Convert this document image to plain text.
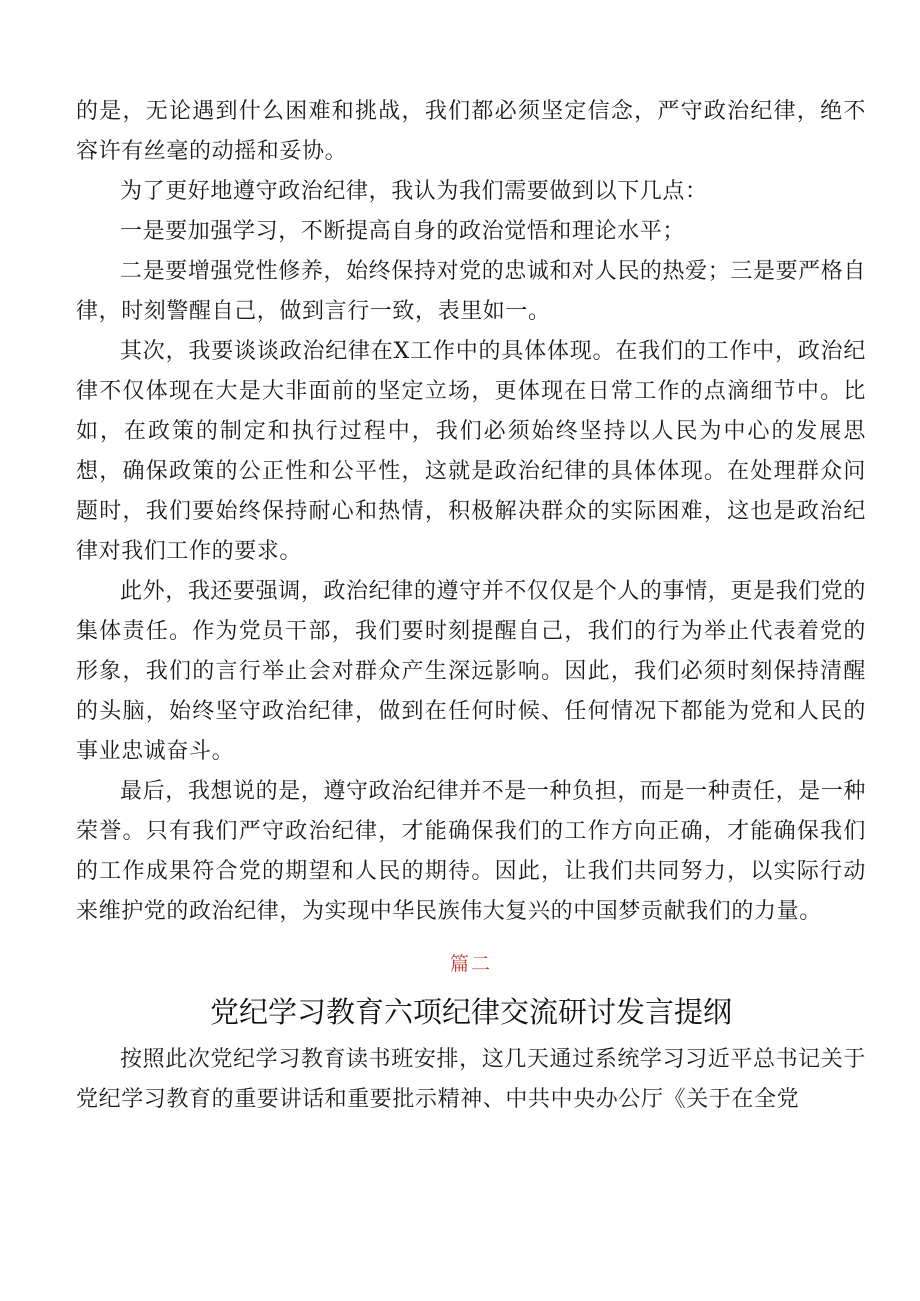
的是，无论遇到什么困难和挑战，我们都必须坚定信念，严守政治纪律，绝不容许有丝毫的动摇和妥协。

为了更好地遵守政治纪律，我认为我们需要做到以下几点：

一是要加强学习，不断提高自身的政治觉悟和理论水平；

二是要增强党性修养，始终保持对党的忠诚和对人民的热爱；三是要严格自律，时刻警醒自己，做到言行一致，表里如一。

其次，我要谈谈政治纪律在X工作中的具体体现。在我们的工作中，政治纪律不仅体现在大是大非面前的坚定立场，更体现在日常工作的点滴细节中。比如，在政策的制定和执行过程中，我们必须始终坚持以人民为中心的发展思想，确保政策的公正性和公平性，这就是政治纪律的具体体现。在处理群众问题时，我们要始终保持耐心和热情，积极解决群众的实际困难，这也是政治纪律对我们工作的要求。

此外，我还要强调，政治纪律的遵守并不仅仅是个人的事情，更是我们党的集体责任。作为党员干部，我们要时刻提醒自己，我们的行为举止代表着党的形象，我们的言行举止会对群众产生深远影响。因此，我们必须时刻保持清醒的头脑，始终坚守政治纪律，做到在任何时候、任何情况下都能为党和人民的事业忠诚奋斗。

最后，我想说的是，遵守政治纪律并不是一种负担，而是一种责任，是一种荣誉。只有我们严守政治纪律，才能确保我们的工作方向正确，才能确保我们的工作成果符合党的期望和人民的期待。因此，让我们共同努力，以实际行动来维护党的政治纪律，为实现中华民族伟大复兴的中国梦贡献我们的力量。

篇二

党纪学习教育六项纪律交流研讨发言提纲

按照此次党纪学习教育读书班安排，这几天通过系统学习习近平总书记关于党纪学习教育的重要讲话和重要批示精神、中共中央办公厅《关于在全党
